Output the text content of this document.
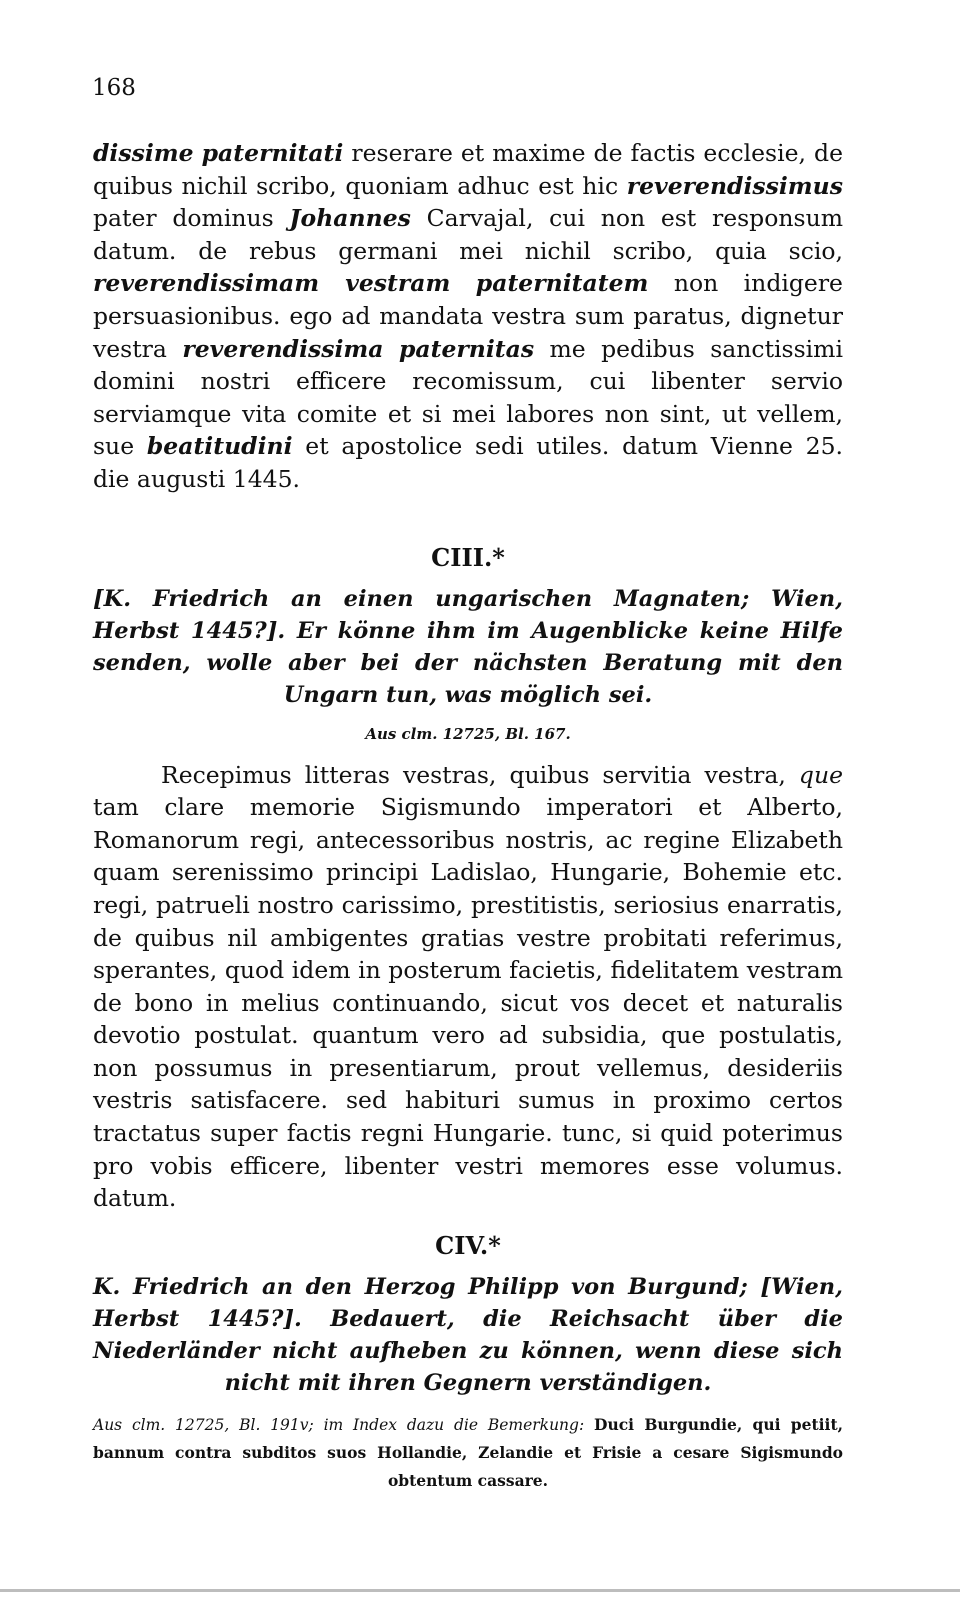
168

dissime paternitati reserare et maxime de factis ecclesie, de quibus nichil scribo, quoniam adhuc est hic reverendissimus pater dominus Johannes Carvajal, cui non est responsum datum. de rebus germani mei nichil scribo, quia scio, reverendissimam vestram paternitatem non indigere persuasionibus. ego ad mandata vestra sum paratus, dignetur vestra reverendissima paternitas me pedibus sanctissimi domini nostri efficere recomissum, cui libenter servio serviamque vita comite et si mei labores non sint, ut vellem, sue beatitudini et apostolice sedi utiles. datum Vienne 25. die augusti 1445.

CIII.*

[K. Friedrich an einen ungarischen Magnaten; Wien, Herbst 1445?]. Er könne ihm im Augenblicke keine Hilfe senden, wolle aber bei der nächsten Beratung mit den Ungarn tun, was möglich sei.

Aus clm. 12725, Bl. 167.

Recepimus litteras vestras, quibus servitia vestra, que tam clare memorie Sigismundo imperatori et Alberto, Romanorum regi, antecessoribus nostris, ac regine Elizabeth quam serenissimo principi Ladislao, Hungarie, Bohemie etc. regi, patrueli nostro carissimo, prestitistis, seriosius enarratis, de quibus nil ambigentes gratias vestre probitati referimus, sperantes, quod idem in posterum facietis, fidelitatem vestram de bono in melius continuando, sicut vos decet et naturalis devotio postulat. quantum vero ad subsidia, que postulatis, non possumus in presentiarum, prout vellemus, desideriis vestris satisfacere. sed habituri sumus in proximo certos tractatus super factis regni Hungarie. tunc, si quid poterimus pro vobis efficere, libenter vestri memores esse volumus. datum.

CIV.*

K. Friedrich an den Herzog Philipp von Burgund; [Wien, Herbst 1445?]. Bedauert, die Reichsacht über die Niederländer nicht aufheben zu können, wenn diese sich nicht mit ihren Gegnern verständigen.

Aus clm. 12725, Bl. 191v; im Index dazu die Bemerkung: Duci Burgundie, qui petiit, bannum contra subditos suos Hollandie, Zelandie et Frisie a cesare Sigismundo obtentum cassare.
